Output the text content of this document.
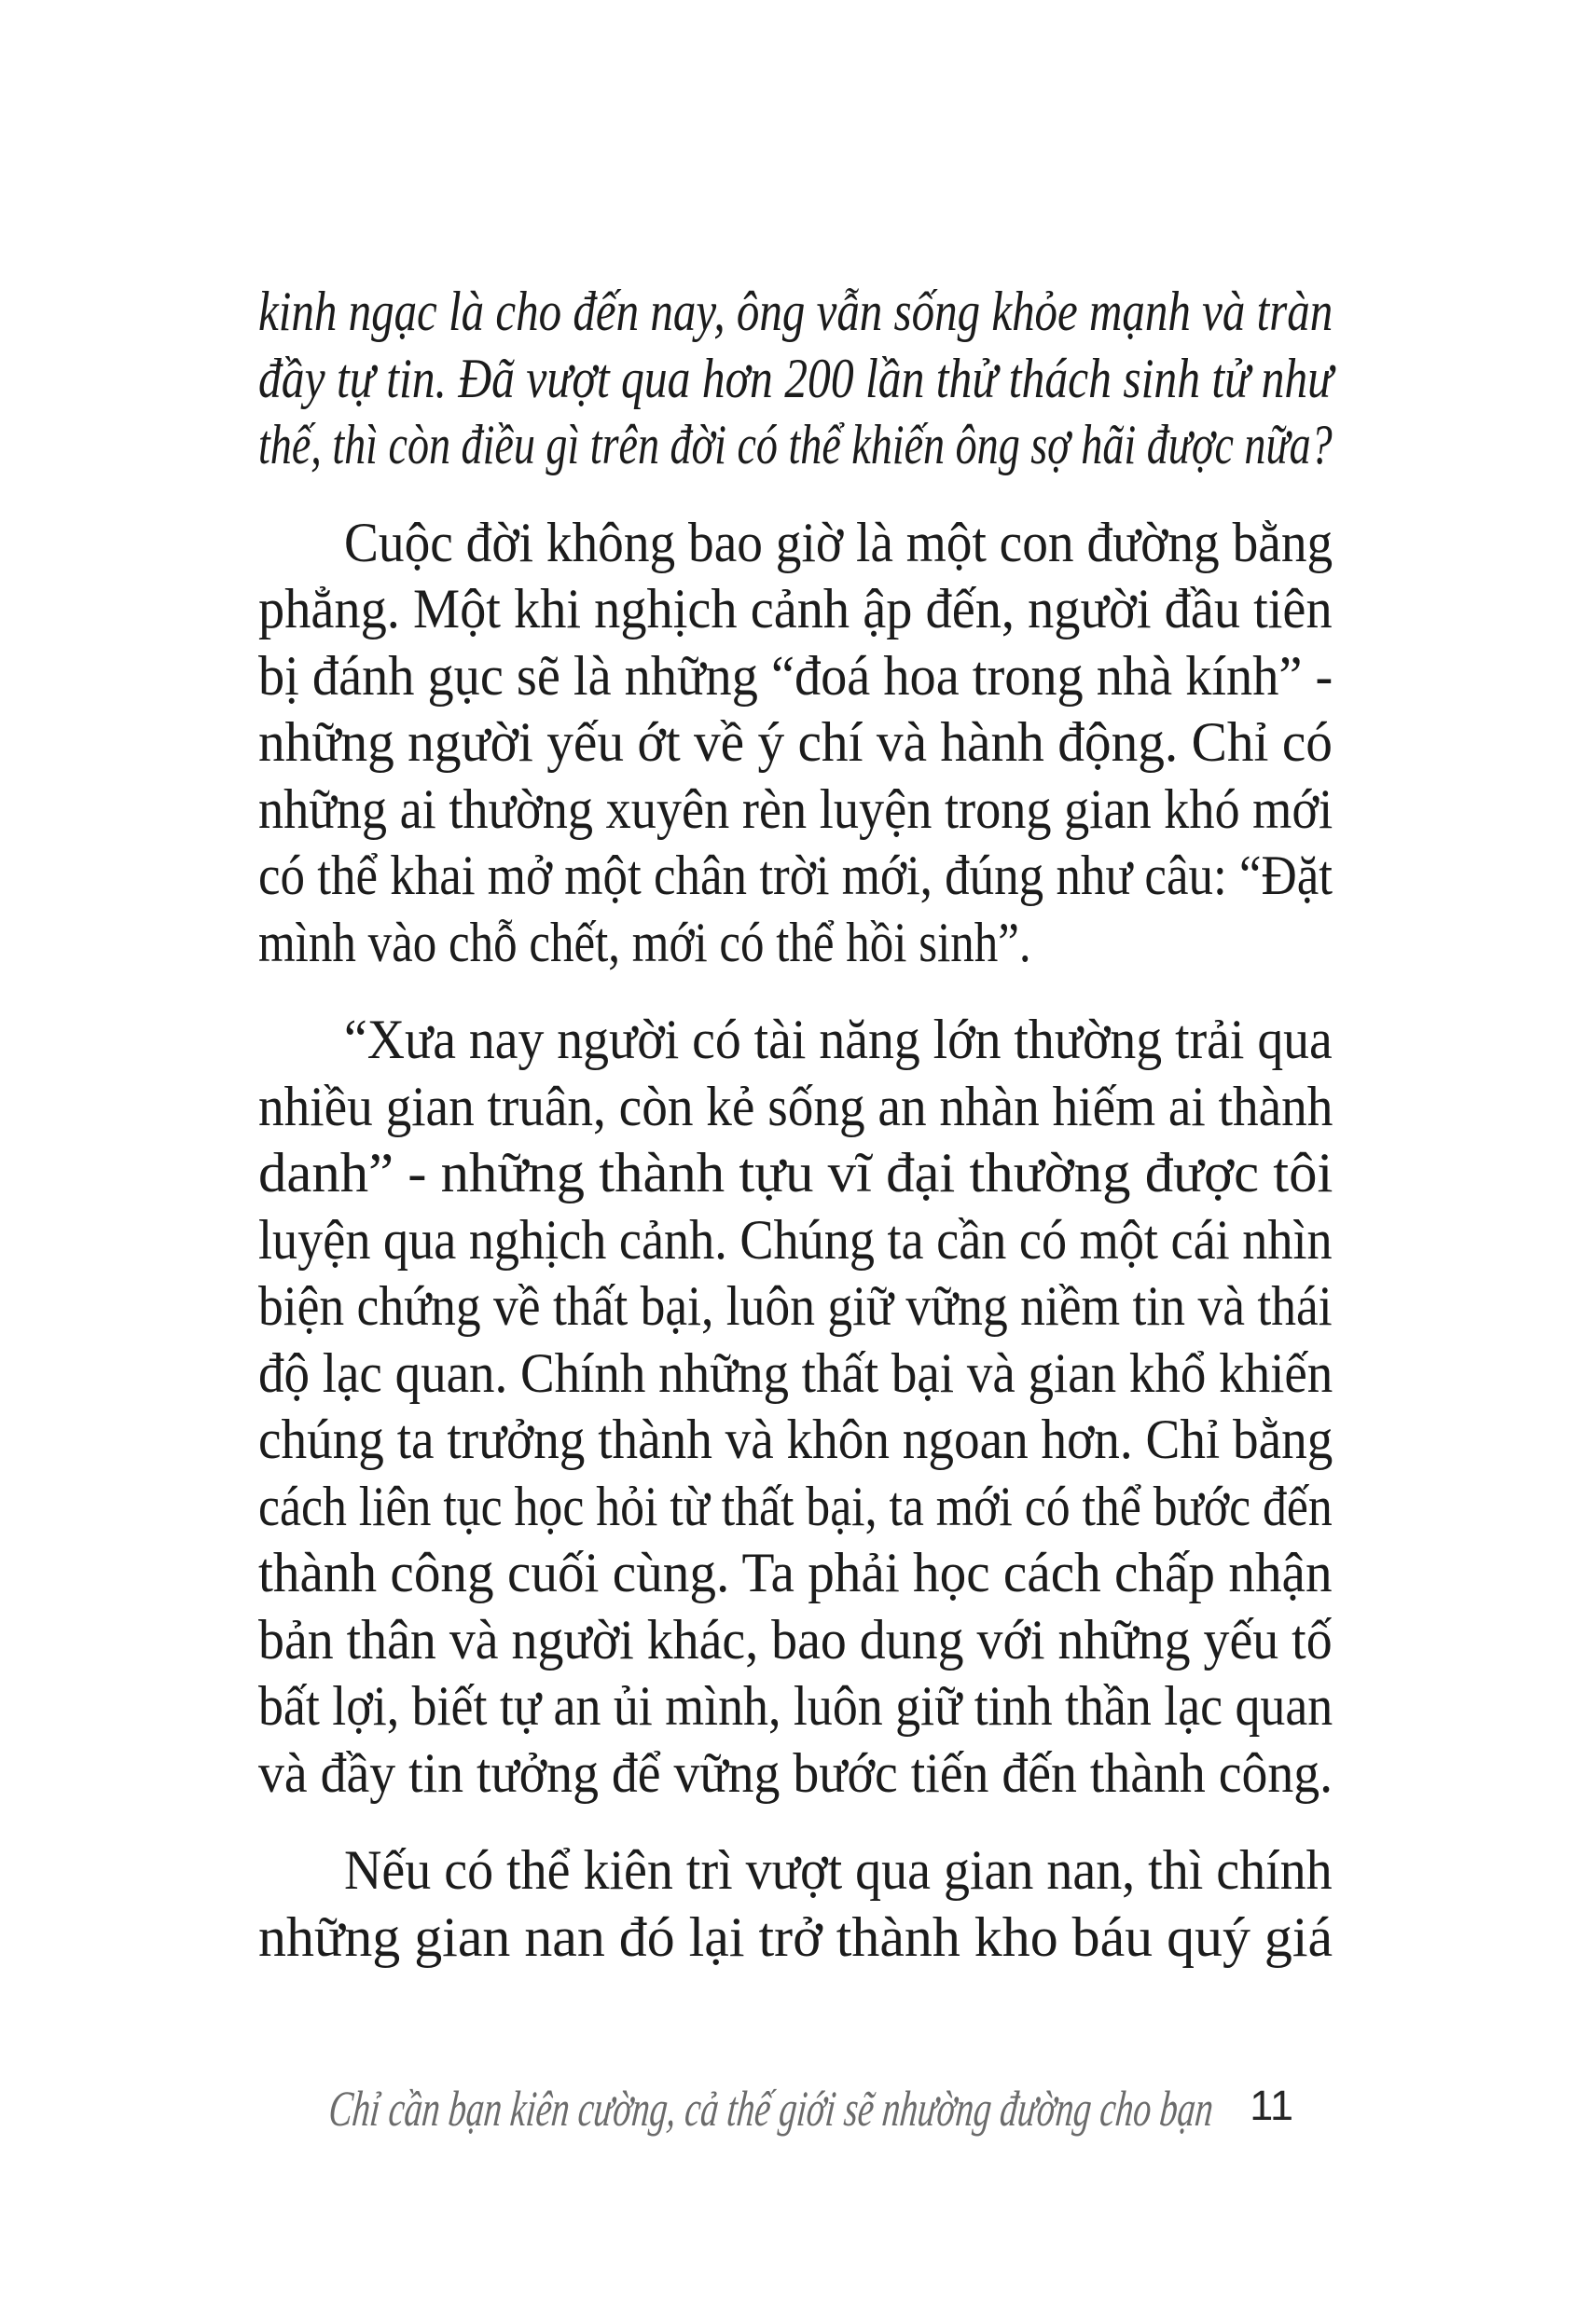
kinh ngạc là cho đến nay, ông vẫn sống khỏe mạnh và tràn
đầy tự tin. Đã vượt qua hơn 200 lần thử thách sinh tử như
thế, thì còn điều gì trên đời có thể khiến ông sợ hãi được nữa?
Cuộc đời không bao giờ là một con đường bằng
phẳng. Một khi nghịch cảnh ập đến, người đầu tiên
bị đánh gục sẽ là những “đoá hoa trong nhà kính” -
những người yếu ớt về ý chí và hành động. Chỉ có
những ai thường xuyên rèn luyện trong gian khó mới
có thể khai mở một chân trời mới, đúng như câu: “Đặt
mình vào chỗ chết, mới có thể hồi sinh”.
“Xưa nay người có tài năng lớn thường trải qua
nhiều gian truân, còn kẻ sống an nhàn hiếm ai thành
danh” - những thành tựu vĩ đại thường được tôi
luyện qua nghịch cảnh. Chúng ta cần có một cái nhìn
biện chứng về thất bại, luôn giữ vững niềm tin và thái
độ lạc quan. Chính những thất bại và gian khổ khiến
chúng ta trưởng thành và khôn ngoan hơn. Chỉ bằng
cách liên tục học hỏi từ thất bại, ta mới có thể bước đến
thành công cuối cùng. Ta phải học cách chấp nhận
bản thân và người khác, bao dung với những yếu tố
bất lợi, biết tự an ủi mình, luôn giữ tinh thần lạc quan
và đầy tin tưởng để vững bước tiến đến thành công.
Nếu có thể kiên trì vượt qua gian nan, thì chính
những gian nan đó lại trở thành kho báu quý giá
Chỉ cần bạn kiên cường, cả thế giới sẽ nhường đường cho bạn 11
